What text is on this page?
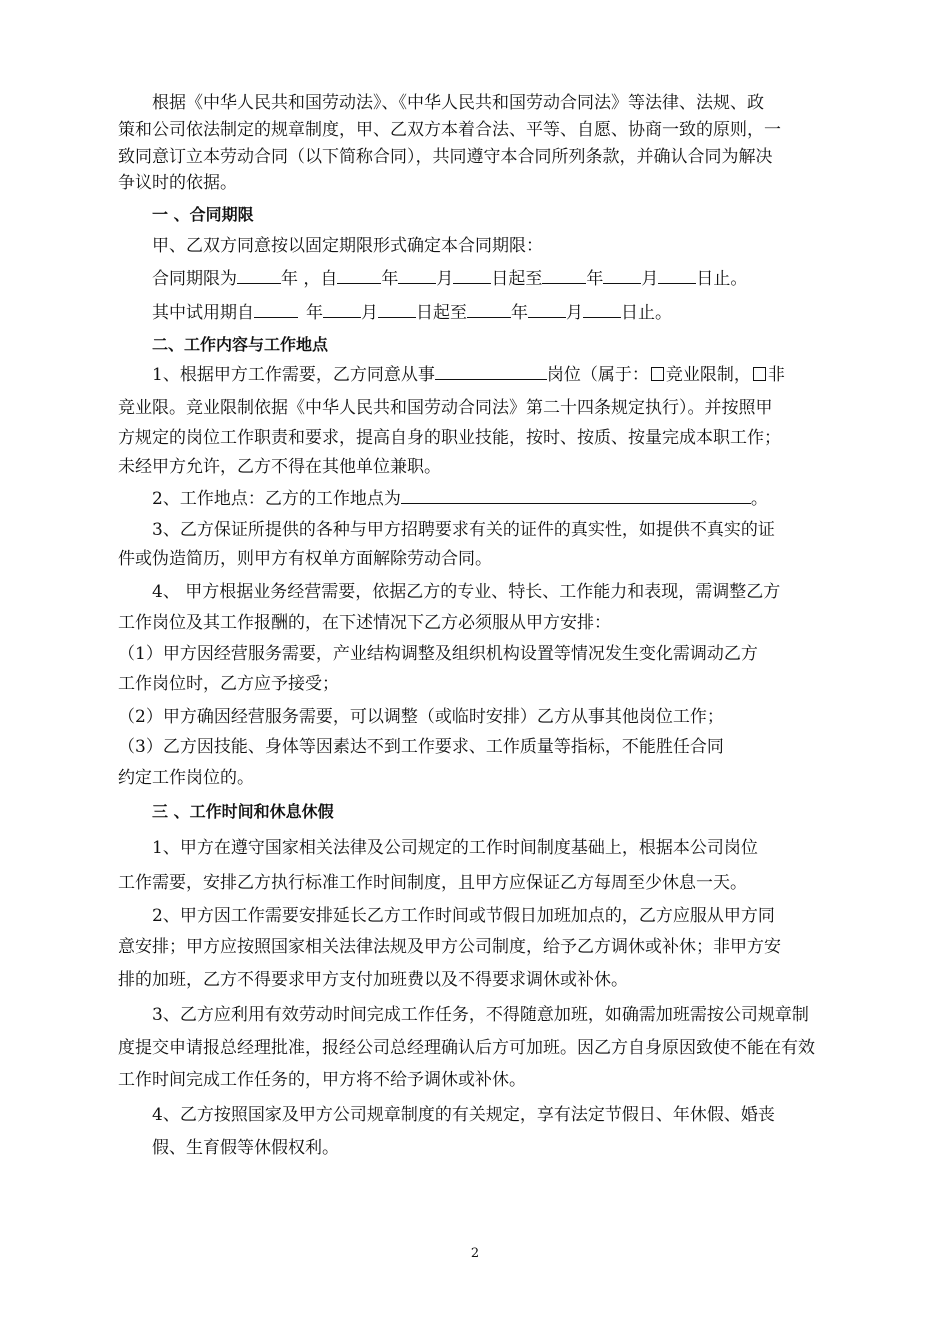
根据《中华人民共和国劳动法》、《中华人民共和国劳动合同法》等法律、法规、政
策和公司依法制定的规章制度，甲、乙双方本着合法、平等、自愿、协商一致的原则，一
致同意订立本劳动合同（以下简称合同），共同遵守本合同所列条款，并确认合同为解决
争议时的依据。
一 、合同期限
甲、乙双方同意按以固定期限形式确定本合同期限：
合同期限为	年 ，自	年 月 日起至	年 月 日止。
其中试用期自	年 月 日起至	年 月 日止。
二、工作内容与工作地点
1、根据甲方工作需要，乙方同意从事	岗位（属于： 竞业限制， 非
竞业限。竞业限制依据《中华人民共和国劳动合同法》第二十四条规定执行）。并按照甲
方规定的岗位工作职责和要求，提高自身的职业技能，按时、按质、按量完成本职工作；
未经甲方允许，乙方不得在其他单位兼职。
2、工作地点：乙方的工作地点为	。
3、乙方保证所提供的各种与甲方招聘要求有关的证件的真实性，如提供不真实的证
件或伪造简历，则甲方有权单方面解除劳动合同。
4、 甲方根据业务经营需要，依据乙方的专业、特长、工作能力和表现，需调整乙方
工作岗位及其工作报酬的，在下述情况下乙方必须服从甲方安排：
（1）甲方因经营服务需要，产业结构调整及组织机构设置等情况发生变化需调动乙方
工作岗位时，乙方应予接受；
（2）甲方确因经营服务需要，可以调整（或临时安排）乙方从事其他岗位工作；
（3）乙方因技能、身体等因素达不到工作要求、工作质量等指标，不能胜任合同
约定工作岗位的。
三 、工作时间和休息休假
1、甲方在遵守国家相关法律及公司规定的工作时间制度基础上，根据本公司岗位
工作需要，安排乙方执行标准工作时间制度，且甲方应保证乙方每周至少休息一天。
2、甲方因工作需要安排延长乙方工作时间或节假日加班加点的，乙方应服从甲方同
意安排；甲方应按照国家相关法律法规及甲方公司制度，给予乙方调休或补休；非甲方安
排的加班，乙方不得要求甲方支付加班费以及不得要求调休或补休。
3、乙方应利用有效劳动时间完成工作任务，不得随意加班，如确需加班需按公司规章制
度提交申请报总经理批准，报经公司总经理确认后方可加班。因乙方自身原因致使不能在有效
工作时间完成工作任务的，甲方将不给予调休或补休。
4、乙方按照国家及甲方公司规章制度的有关规定，享有法定节假日、年休假、婚丧
假、生育假等休假权利。
2
